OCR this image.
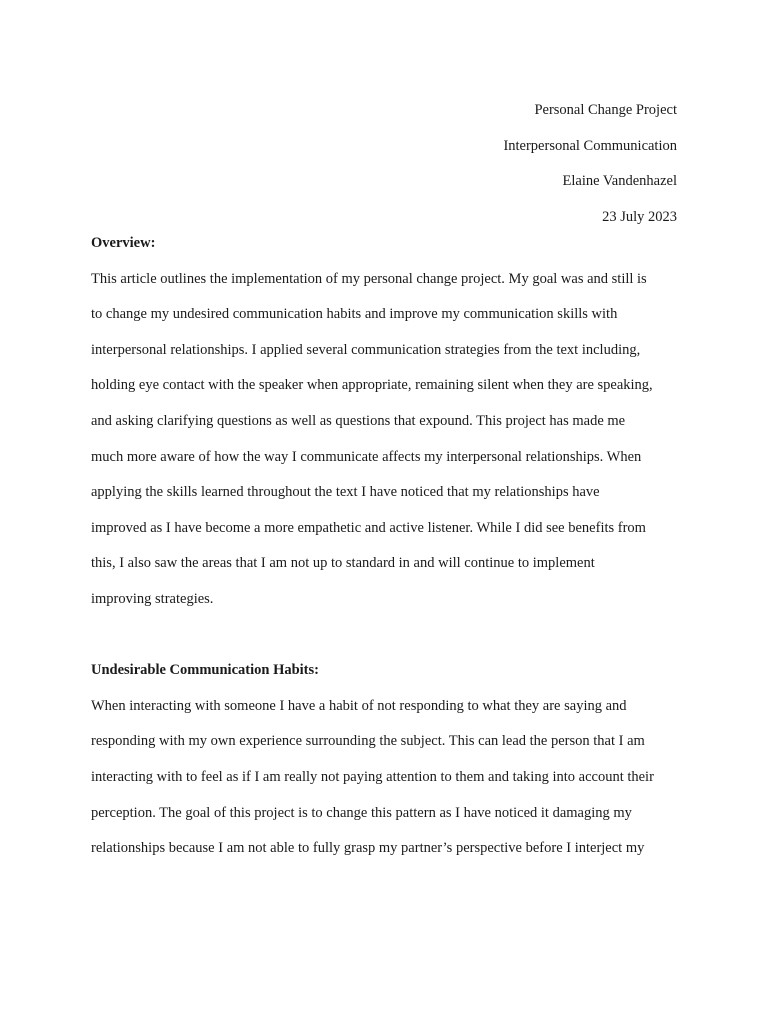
Personal Change Project
Interpersonal Communication
Elaine Vandenhazel
23 July 2023
Overview:
This article outlines the implementation of my personal change project. My goal was and still is
to change my undesired communication habits and improve my communication skills with
interpersonal relationships. I applied several communication strategies from the text including,
holding eye contact with the speaker when appropriate, remaining silent when they are speaking,
and asking clarifying questions as well as questions that expound. This project has made me
much more aware of how the way I communicate affects my interpersonal relationships. When
applying the skills learned throughout the text I have noticed that my relationships have
improved as I have become a more empathetic and active listener. While I did see benefits from
this, I also saw the areas that I am not up to standard in and will continue to implement
improving strategies.
Undesirable Communication Habits:
When interacting with someone I have a habit of not responding to what they are saying and
responding with my own experience surrounding the subject. This can lead the person that I am
interacting with to feel as if I am really not paying attention to them and taking into account their
perception. The goal of this project is to change this pattern as I have noticed it damaging my
relationships because I am not able to fully grasp my partner’s perspective before I interject my
